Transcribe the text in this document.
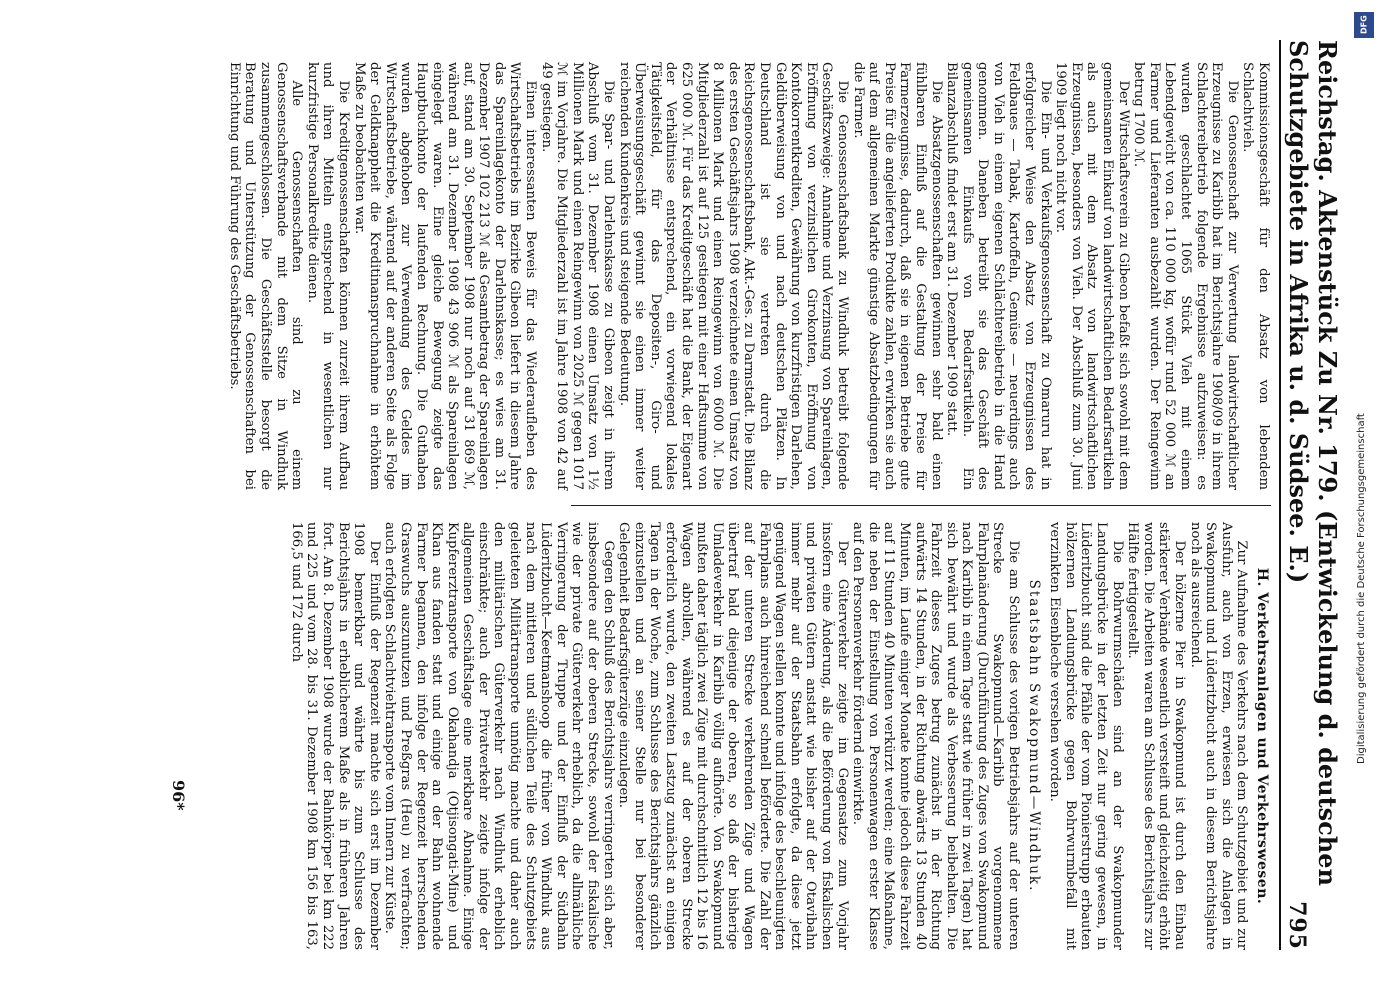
Reichstag. Aktenstück Zu Nr. 179. (Entwickelung d. deutschen Schutzgebiete in Afrika u. d. Südsee. E.)
795

Kommissionsgeschäft für den Absatz von lebendem Schlachtvieh.

Die Genossenschaft zur Verwertung landwirtschaftlicher Erzeugnisse zu Karibib hat im Berichtsjahre 1908/09 in ihrem Schlachtereibetrieb folgende Ergebnisse aufzuweisen: es wurden geschlachtet 1065 Stück Vieh mit einem Lebendgewicht von ca. 110 000 kg, wofür rund 52 000 ℳ an Farmer und Lieferanten ausbezahlt wurden. Der Reingewinn betrug 1700 ℳ.

Der Wirtschaftsverein zu Gibeon befaßt sich sowohl mit dem gemeinsamen Einkauf von landwirtschaftlichen Bedarfsartikeln als auch mit dem Absatz von landwirtschaftlichen Erzeugnissen, besonders von Vieh. Der Abschluß zum 30. Juni 1909 liegt noch nicht vor.

Die Ein- und Verkaufsgenossenschaft zu Omaruru hat in erfolgreicher Weise den Absatz von Erzeugnissen des Feldbaues — Tabak, Kartoffeln, Gemüse — neuerdings auch von Vieh in einem eigenen Schlächtereibetrieb in die Hand genommen. Daneben betreibt sie das Geschäft des gemeinsamen Einkaufs von Bedarfsartikeln. Ein Bilanzabschluß findet erst am 31. Dezember 1909 statt.

Die Absatzgenossenschaften gewinnen sehr bald einen fühlbaren Einfluß auf die Gestaltung der Preise für Farmerzeugnisse, dadurch, daß sie in eigenen Betriebe gute Preise für die angelieferten Produkte zahlen, erwirken sie auch auf dem allgemeinen Markte günstige Absatzbedingungen für die Farmer.

Die Genossenschaftsbank zu Windhuk betreibt folgende Geschäftszweige: Annahme und Verzinsung von Spareinlagen, Eröffnung von verzinslichen Girokonten, Eröffnung von Kontokorrentkrediten, Gewährung von kurzfristigen Darlehen, Geldüberweisung von und nach deutschen Plätzen. In Deutschland ist sie vertreten durch die Reichsgenossenschaftsbank, Akt.-Ges. zu Darmstadt. Die Bilanz des ersten Geschäftsjahrs 1908 verzeichnete einen Umsatz von 8 Millionen Mark und einen Reingewinn von 6000 ℳ. Die Mitgliederzahl ist auf 125 gestiegen mit einer Haftsumme von 625 000 ℳ. Für das Kreditgeschäft hat die Bank, der Eigenart der Verhältnisse entsprechend, ein vorwiegend lokales Tätigkeitsfeld, für das Depositen-, Giro- und Überweisungsgeschäft gewinnt sie einen immer weiter reichenden Kundenkreis und steigende Bedeutung.

Die Spar- und Darlehnskasse zu Gibeon zeigt in ihrem Abschluß vom 31. Dezember 1908 einen Umsatz von 1½ Millionen Mark und einen Reingewinn von 2025 ℳ gegen 1017 ℳ im Vorjahre. Die Mitgliederzahl ist im Jahre 1908 von 42 auf 49 gestiegen.

Einen interessanten Beweis für das Wiederaufleben des Wirtschaftsbetriebs im Bezirke Gibeon liefert in diesem Jahre das Spareinlagekonto der Darlehnskasse; es wies am 31. Dezember 1907 102 213 ℳ als Gesamtbetrag der Spareinlagen auf, stand am 30. September 1908 nur noch auf 31 869 ℳ, während am 31. Dezember 1908 43 906 ℳ als Spareinlagen eingelegt waren. Eine gleiche Bewegung zeigte das Hauptbuchkonto der laufenden Rechnung. Die Guthaben wurden abgehoben zur Verwendung des Geldes im Wirtschaftsbetriebe, während auf der anderen Seite als Folge der Geldknappheit die Kreditinanspruchnahme in erhöhtem Maße zu beobachten war.

Die Kreditgenossenschaften können zurzeit ihrem Aufbau und ihren Mitteln entsprechend in wesentlichen nur kurzfristige Personalkredite dienen.

Alle Genossenschaften sind zu einem Genossenschaftsverbande mit dem Sitze in Windhuk zusammengeschlossen. Die Geschäftsstelle besorgt die Beratung und Unterstützung der Genossenschaften bei Einrichtung und Führung des Geschäftsbetriebs.

H. Verkehrsanlagen und Verkehrswesen.

Zur Aufnahme des Verkehrs nach dem Schutzgebiet und zur Ausfuhr, auch von Erzen, erwiesen sich die Anlagen in Swakopmund und Lüderitzbucht auch in diesem Berichtsjahre noch als ausreichend.

Der hölzerne Pier in Swakopmund ist durch den Einbau stärkerer Verbände wesentlich versteift und gleichzeitig erhöht worden. Die Arbeiten waren am Schlusse des Berichtsjahrs zur Hälfte fertiggestellt.

Die Bohrwurmschäden sind an der Swakopmunder Landungsbrücke in der letzten Zeit nur gering gewesen, in Lüderitzbucht sind die Pfähle der vom Pionierstrupp erbauten hölzernen Landungsbrücke gegen Bohrwurmbefall mit verzinkten Eisenbleche versehen worden.

Staatsbahn Swakopmund—Windhuk.

Die am Schlusse des vorigen Betriebsjahrs auf der unteren Strecke Swakopmund—Karibib vorgenommene Fahrplanänderung (Durchführung des Zuges von Swakopmund nach Karibib in einem Tage statt wie früher in zwei Tagen) hat sich bewährt und wurde als Verbesserung beibehalten. Die Fahrzeit dieses Zuges betrug zunächst in der Richtung aufwärts 14 Stunden, in der Richtung abwärts 13 Stunden 40 Minuten, im Laufe einiger Monate konnte jedoch diese Fahrzeit auf 11 Stunden 40 Minuten verkürzt werden; eine Maßnahme, die neben der Einstellung von Personenwagen erster Klasse auf den Personenverkehr fördernd einwirkte.

Der Güterverkehr zeigte im Gegensatze zum Vorjahr insofern eine Änderung, als die Beförderung von fiskalischen und privaten Gütern anstatt wie bisher auf der Otavibahn immer mehr auf der Staatsbahn erfolgte, da diese jetzt genügend Wagen stellen konnte und infolge des beschleunigten Fahrplans auch hinreichend schnell beförderte. Die Zahl der auf der unteren Strecke verkehrenden Züge und Wagen übertraf bald diejenige der oberen, so daß der bisherige Umladeverkehr in Karibib völlig aufhörte. Von Swakopmund mußten daher täglich zwei Züge mit durchschnittlich 12 bis 16 Wagen abrollen, während es auf der oberen Strecke erforderlich wurde, den zweiten Lastzug zunächst an einigen Tagen in der Woche, zum Schlusse des Berichtsjahrs gänzlich einzustellen und an seiner Stelle nur bei besonderer Gelegenheit Bedarfsgüterzüge einzulegen.

Gegen den Schluß des Berichtsjahrs verringerten sich aber, insbesondere auf der oberen Strecke, sowohl der fiskalische wie der private Güterverkehr erheblich, da die allmähliche Verringerung der Truppe und der Einfluß der Südbahn Lüderitzbucht—Keetmanshoop die früher von Windhuk aus nach dem mittleren und südlichen Teile des Schutzgebiets geleiteten Militärtransporte unnötig machte und daher auch den militärischen Güterverkehr nach Windhuk erheblich einschränkte; auch der Privatverkehr zeigte infolge der allgemeinen Geschäftslage eine merkbare Abnahme. Einige Kupfererztransporte von Okahandja (Otjisongati-Mine) und Khan aus fanden statt und einige an der Bahn wohnende Farmer begannen, den infolge der Regenzeit herrschenden Graswuchs auszunutzen und Preßgras (Heu) zu verfrachten; auch erfolgten Schlachtviehtransporte vom Innern zur Küste.

Der Einfluß der Regenzeit machte sich erst im Dezember 1908 bemerkbar und währte bis zum Schlusse des Berichtsjahrs in erheblicherem Maße als in früheren Jahren fort. Am 8. Dezember 1908 wurde der Bahnkörper bei km 222 und 225 und vom 28. bis 31. Dezember 1908 km 156 bis 163, 166,5 und 172 durch

96*
DFG
Digitalisierung gefördert durch die Deutsche Forschungsgemeinschaft
